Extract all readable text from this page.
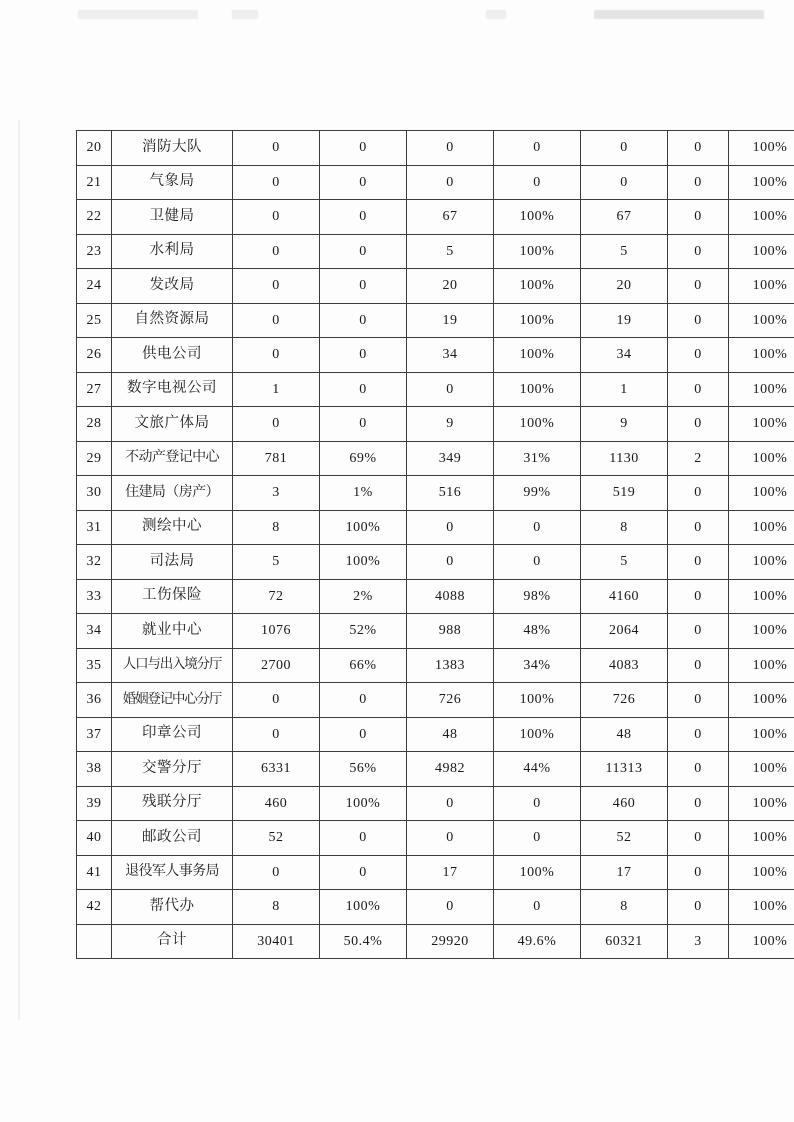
20	消防大队	0	0	0	0	0	0	100%
21	气象局	0	0	0	0	0	0	100%
22	卫健局	0	0	67	100%	67	0	100%
23	水利局	0	0	5	100%	5	0	100%
24	发改局	0	0	20	100%	20	0	100%
25	自然资源局	0	0	19	100%	19	0	100%
26	供电公司	0	0	34	100%	34	0	100%
27	数字电视公司	1	0	0	100%	1	0	100%
28	文旅广体局	0	0	9	100%	9	0	100%
29	不动产登记中心	781	69%	349	31%	1130	2	100%
30	住建局（房产）	3	1%	516	99%	519	0	100%
31	测绘中心	8	100%	0	0	8	0	100%
32	司法局	5	100%	0	0	5	0	100%
33	工伤保险	72	2%	4088	98%	4160	0	100%
34	就业中心	1076	52%	988	48%	2064	0	100%
35	人口与出入境分厅	2700	66%	1383	34%	4083	0	100%
36	婚姻登记中心分厅	0	0	726	100%	726	0	100%
37	印章公司	0	0	48	100%	48	0	100%
38	交警分厅	6331	56%	4982	44%	11313	0	100%
39	残联分厅	460	100%	0	0	460	0	100%
40	邮政公司	52	0	0	0	52	0	100%
41	退役军人事务局	0	0	17	100%	17	0	100%
42	帮代办	8	100%	0	0	8	0	100%
	合计	30401	50.4%	29920	49.6%	60321	3	100%
